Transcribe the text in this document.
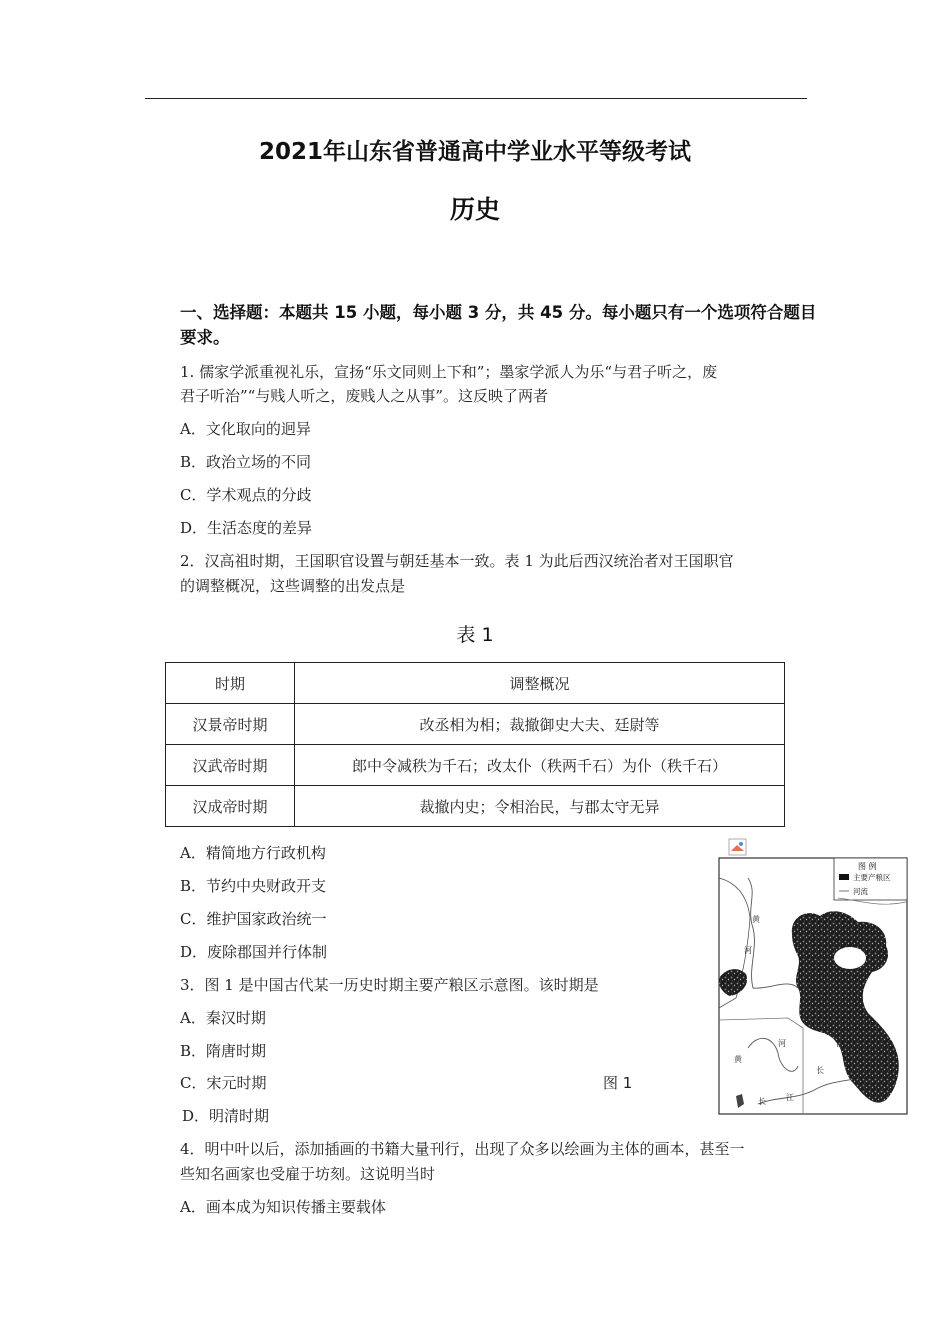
2021年山东省普通高中学业水平等级考试
历史
一、选择题：本题共 15 小题，每小题 3 分，共 45 分。每小题只有一个选项符合题目要求。
1. 儒家学派重视礼乐，宣扬“乐文同则上下和”；墨家学派人为乐“与君子听之，废
君子听治”“与贱人听之，废贱人之从事”。这反映了两者
A．文化取向的迥异
B．政治立场的不同
C．学术观点的分歧
D．生活态度的差异
2．汉高祖时期，王国职官设置与朝廷基本一致。表 1 为此后西汉统治者对王国职官
的调整概况，这些调整的出发点是
表 1
时期	调整概况
汉景帝时期	改丞相为相；裁撤御史大夫、廷尉等
汉武帝时期	郎中令减秩为千石；改太仆（秩两千石）为仆（秩千石）
汉成帝时期	裁撤内史；令相治民，与郡太守无异
A．精简地方行政机构
B．节约中央财政开支
C．维护国家政治统一
D．废除郡国并行体制
3．图 1 是中国古代某一历史时期主要产粮区示意图。该时期是
A．秦汉时期
B．隋唐时期
C．宋元时期
D．明清时期
图 1
图 例
主要产粮区
河流
黄
河
黄
河	江
长
长	江
4．明中叶以后，添加插画的书籍大量刊行，出现了众多以绘画为主体的画本，甚至一
些知名画家也受雇于坊刻。这说明当时
A．画本成为知识传播主要载体
